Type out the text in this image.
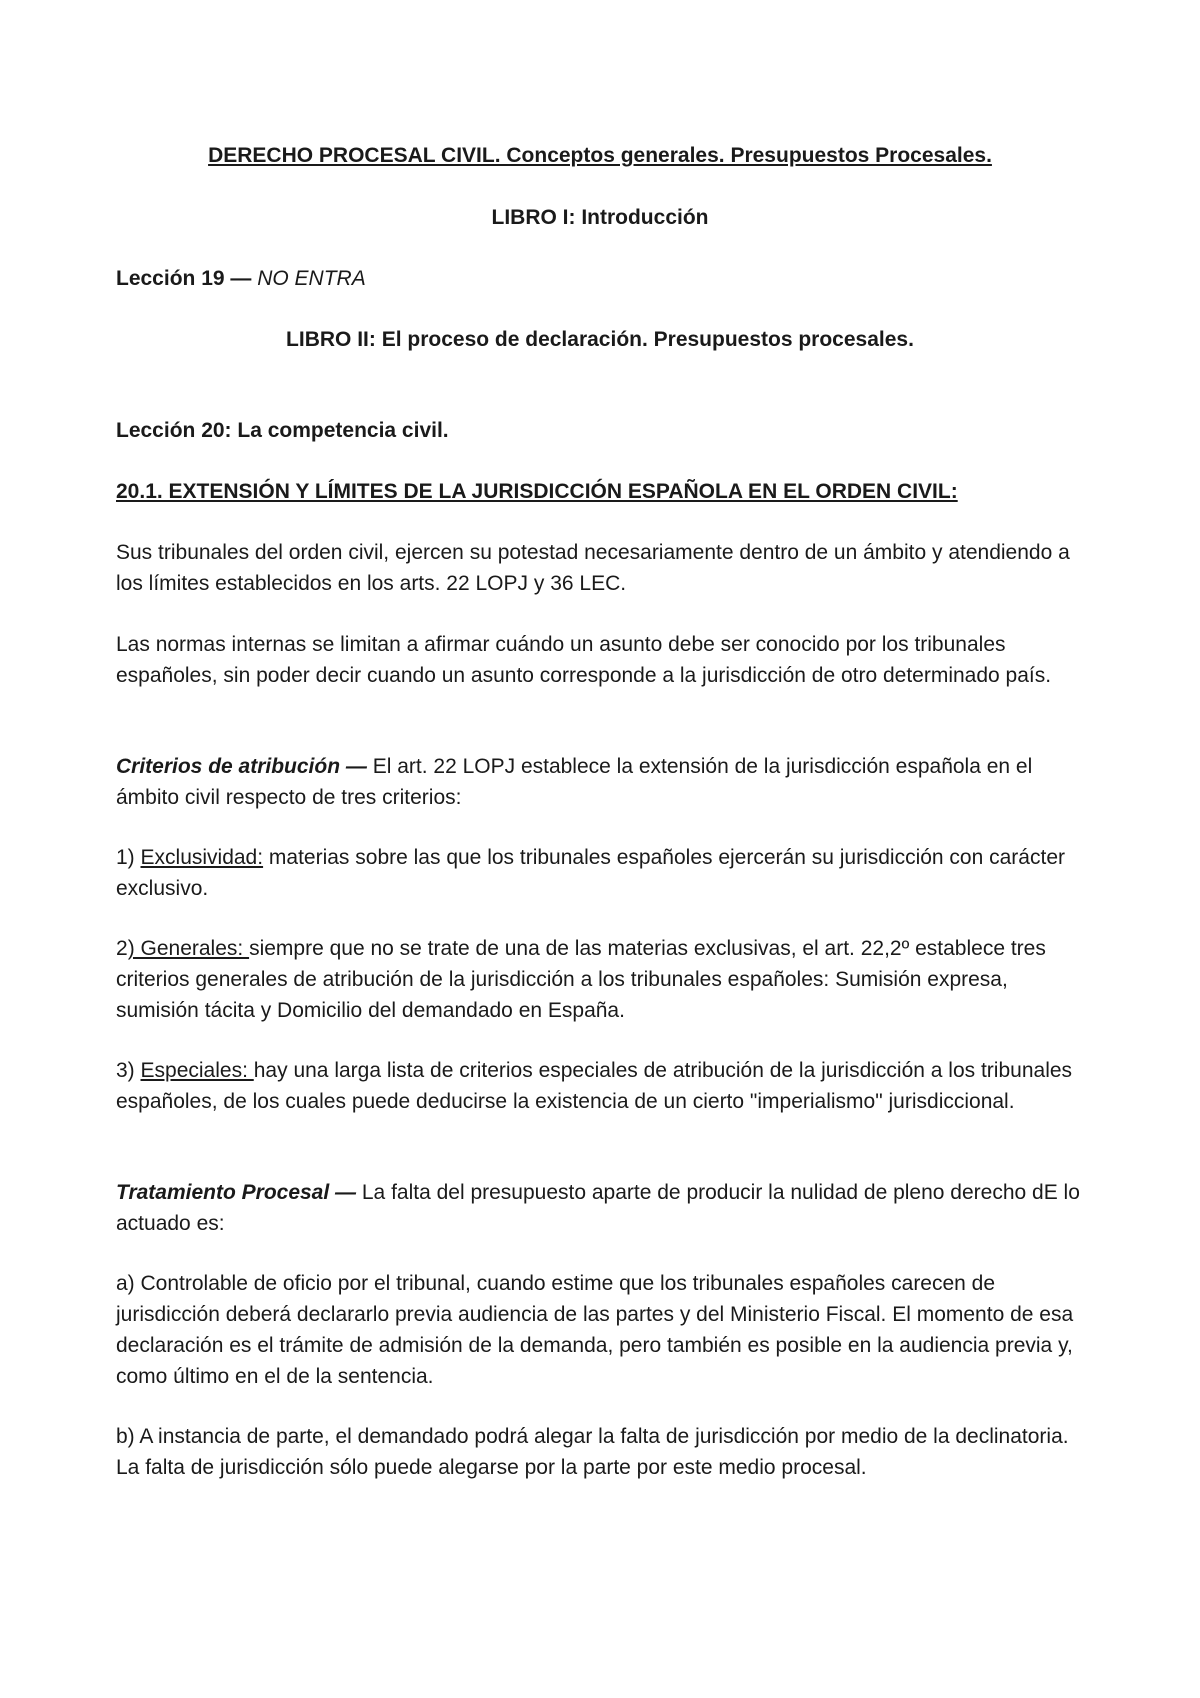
DERECHO PROCESAL CIVIL. Conceptos generales. Presupuestos Procesales.

LIBRO I: Introducción

Lección 19 — NO ENTRA

LIBRO II: El proceso de declaración. Presupuestos procesales.

Lección 20: La competencia civil.

20.1. EXTENSIÓN Y LÍMITES DE LA JURISDICCIÓN ESPAÑOLA EN EL ORDEN CIVIL:

Sus tribunales del orden civil, ejercen su potestad necesariamente dentro de un ámbito y atendiendo a los límites establecidos en los arts. 22 LOPJ y 36 LEC.

Las normas internas se limitan a afirmar cuándo un asunto debe ser conocido por los tribunales españoles, sin poder decir cuando un asunto corresponde a la jurisdicción de otro determinado país.

Criterios de atribución — El art. 22 LOPJ establece la extensión de la jurisdicción española en el ámbito civil respecto de tres criterios:

1) Exclusividad: materias sobre las que los tribunales españoles ejercerán su jurisdicción con carácter exclusivo.

2) Generales: siempre que no se trate de una de las materias exclusivas, el art. 22,2º establece tres criterios generales de atribución de la jurisdicción a los tribunales españoles: Sumisión expresa, sumisión tácita y Domicilio del demandado en España.

3) Especiales: hay una larga lista de criterios especiales de atribución de la jurisdicción a los tribunales españoles, de los cuales puede deducirse la existencia de un cierto "imperialismo" jurisdiccional.

Tratamiento Procesal — La falta del presupuesto aparte de producir la nulidad de pleno derecho dE lo actuado es:

a) Controlable de oficio por el tribunal, cuando estime que los tribunales españoles carecen de jurisdicción deberá declararlo previa audiencia de las partes y del Ministerio Fiscal. El momento de esa declaración es el trámite de admisión de la demanda, pero también es posible en la audiencia previa y, como último en el de la sentencia.

b) A instancia de parte, el demandado podrá alegar la falta de jurisdicción por medio de la declinatoria. La falta de jurisdicción sólo puede alegarse por la parte por este medio procesal.
